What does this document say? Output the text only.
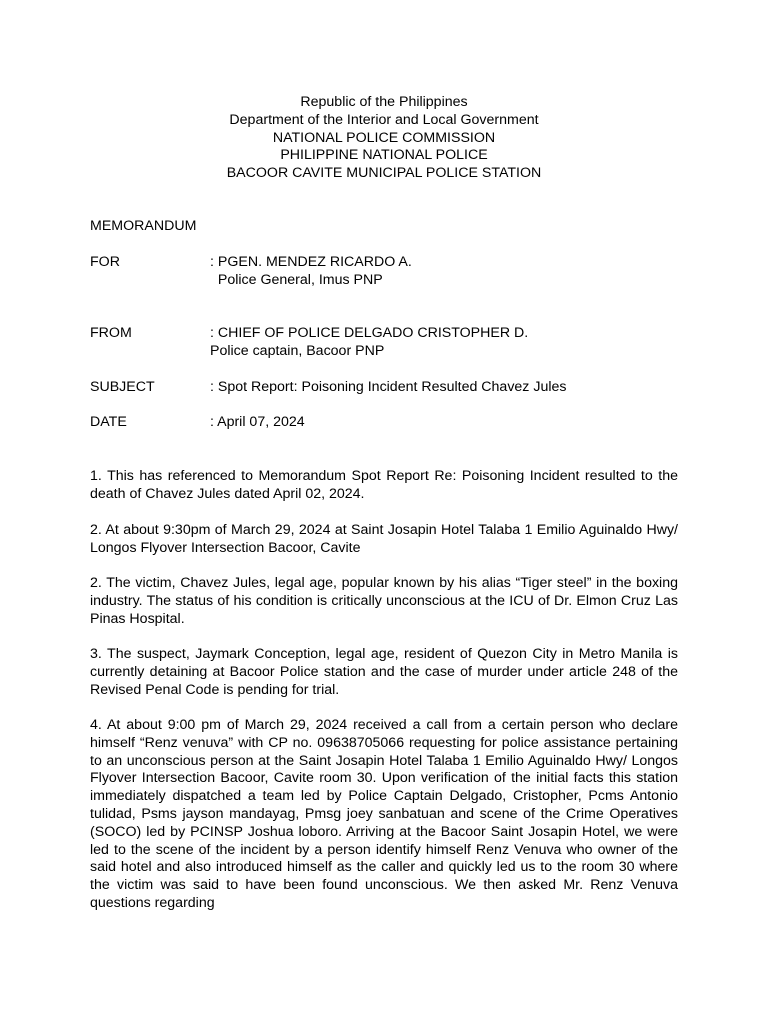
Republic of the Philippines
Department of the Interior and Local Government
NATIONAL POLICE COMMISSION
PHILIPPINE NATIONAL POLICE
BACOOR CAVITE MUNICIPAL POLICE STATION
MEMORANDUM
FOR	: PGEN. MENDEZ RICARDO A.
Police General, Imus PNP
FROM	: CHIEF OF POLICE DELGADO CRISTOPHER D.
Police captain, Bacoor PNP
SUBJECT	: Spot Report: Poisoning Incident Resulted Chavez Jules
DATE	: April 07, 2024

1. This has referenced to Memorandum Spot Report Re: Poisoning Incident resulted to the death of Chavez Jules dated April 02, 2024.

2. At about 9:30pm of March 29, 2024 at Saint Josapin Hotel Talaba 1 Emilio Aguinaldo Hwy/ Longos Flyover Intersection Bacoor, Cavite

2. The victim, Chavez Jules, legal age, popular known by his alias “Tiger steel” in the boxing industry. The status of his condition is critically unconscious at the ICU of Dr. Elmon Cruz Las Pinas Hospital.

3. The suspect, Jaymark Conception, legal age, resident of Quezon City in Metro Manila is currently detaining at Bacoor Police station and the case of murder under article 248 of the Revised Penal Code is pending for trial.

4. At about 9:00 pm of March 29, 2024 received a call from a certain person who declare himself “Renz venuva” with CP no. 09638705066 requesting for police assistance pertaining to an unconscious person at the Saint Josapin Hotel Talaba 1 Emilio Aguinaldo Hwy/ Longos Flyover Intersection Bacoor, Cavite room 30. Upon verification of the initial facts this station immediately dispatched a team led by Police Captain Delgado, Cristopher, Pcms Antonio tulidad, Psms jayson mandayag, Pmsg joey sanbatuan and scene of the Crime Operatives (SOCO) led by PCINSP Joshua loboro. Arriving at the Bacoor Saint Josapin Hotel, we were led to the scene of the incident by a person identify himself Renz Venuva who owner of the said hotel and also introduced himself as the caller and quickly led us to the room 30 where the victim was said to have been found unconscious. We then asked Mr. Renz Venuva questions regarding
